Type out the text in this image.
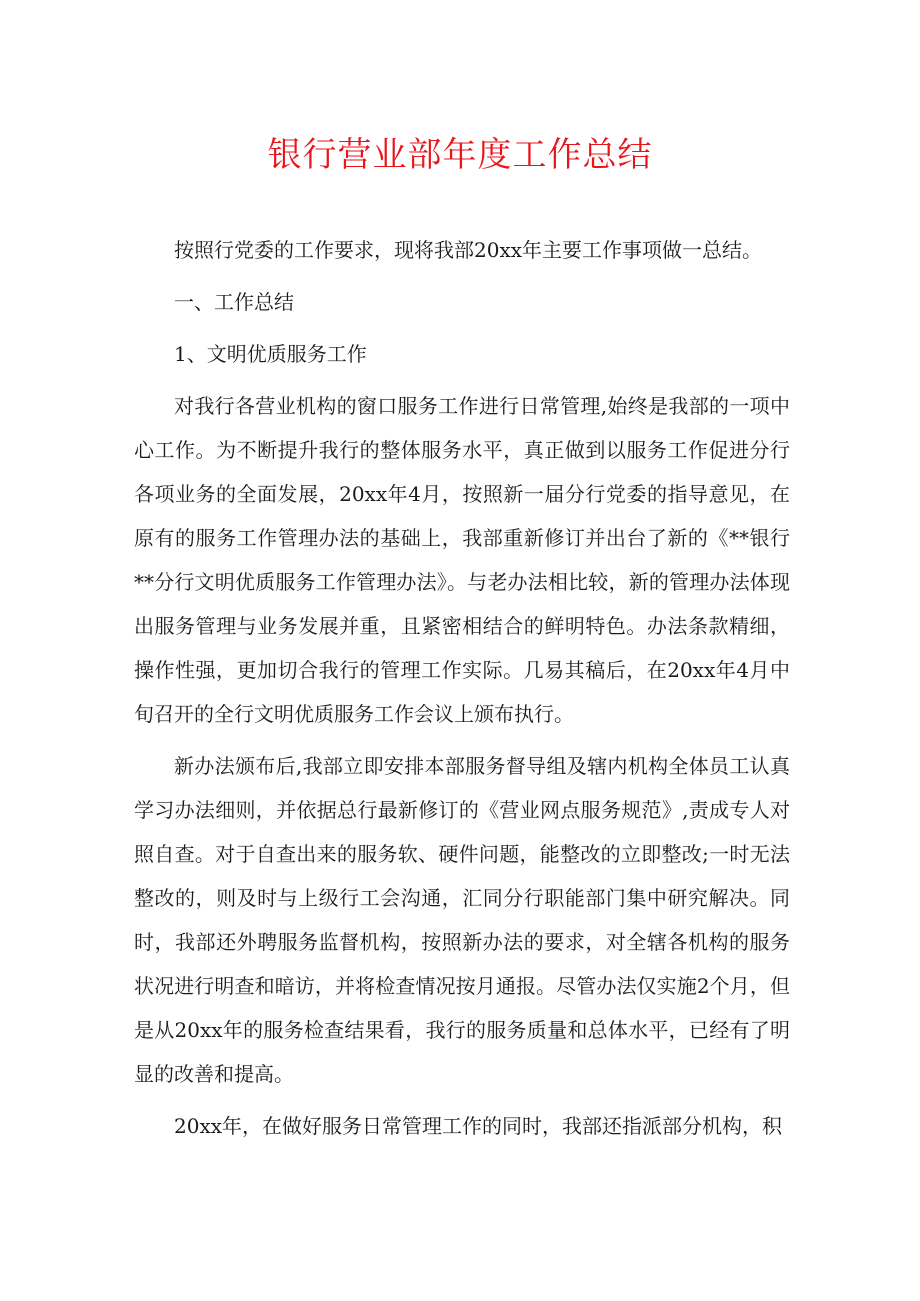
银行营业部年度工作总结

按照行党委的工作要求，现将我部20xx年主要工作事项做一总结。

一、工作总结

1、文明优质服务工作

对我行各营业机构的窗口服务工作进行日常管理,始终是我部的一项中心工作。为不断提升我行的整体服务水平，真正做到以服务工作促进分行各项业务的全面发展，20xx年4月，按照新一届分行党委的指导意见，在原有的服务工作管理办法的基础上，我部重新修订并出台了新的《**银行**分行文明优质服务工作管理办法》。与老办法相比较，新的管理办法体现出服务管理与业务发展并重，且紧密相结合的鲜明特色。办法条款精细，操作性强，更加切合我行的管理工作实际。几易其稿后，在20xx年4月中旬召开的全行文明优质服务工作会议上颁布执行。

新办法颁布后,我部立即安排本部服务督导组及辖内机构全体员工认真学习办法细则，并依据总行最新修订的《营业网点服务规范》,责成专人对照自查。对于自查出来的服务软、硬件问题，能整改的立即整改;一时无法整改的，则及时与上级行工会沟通，汇同分行职能部门集中研究解决。同时，我部还外聘服务监督机构，按照新办法的要求，对全辖各机构的服务状况进行明查和暗访，并将检查情况按月通报。尽管办法仅实施2个月，但是从20xx年的服务检查结果看，我行的服务质量和总体水平，已经有了明显的改善和提高。

20xx年，在做好服务日常管理工作的同时，我部还指派部分机构，积
